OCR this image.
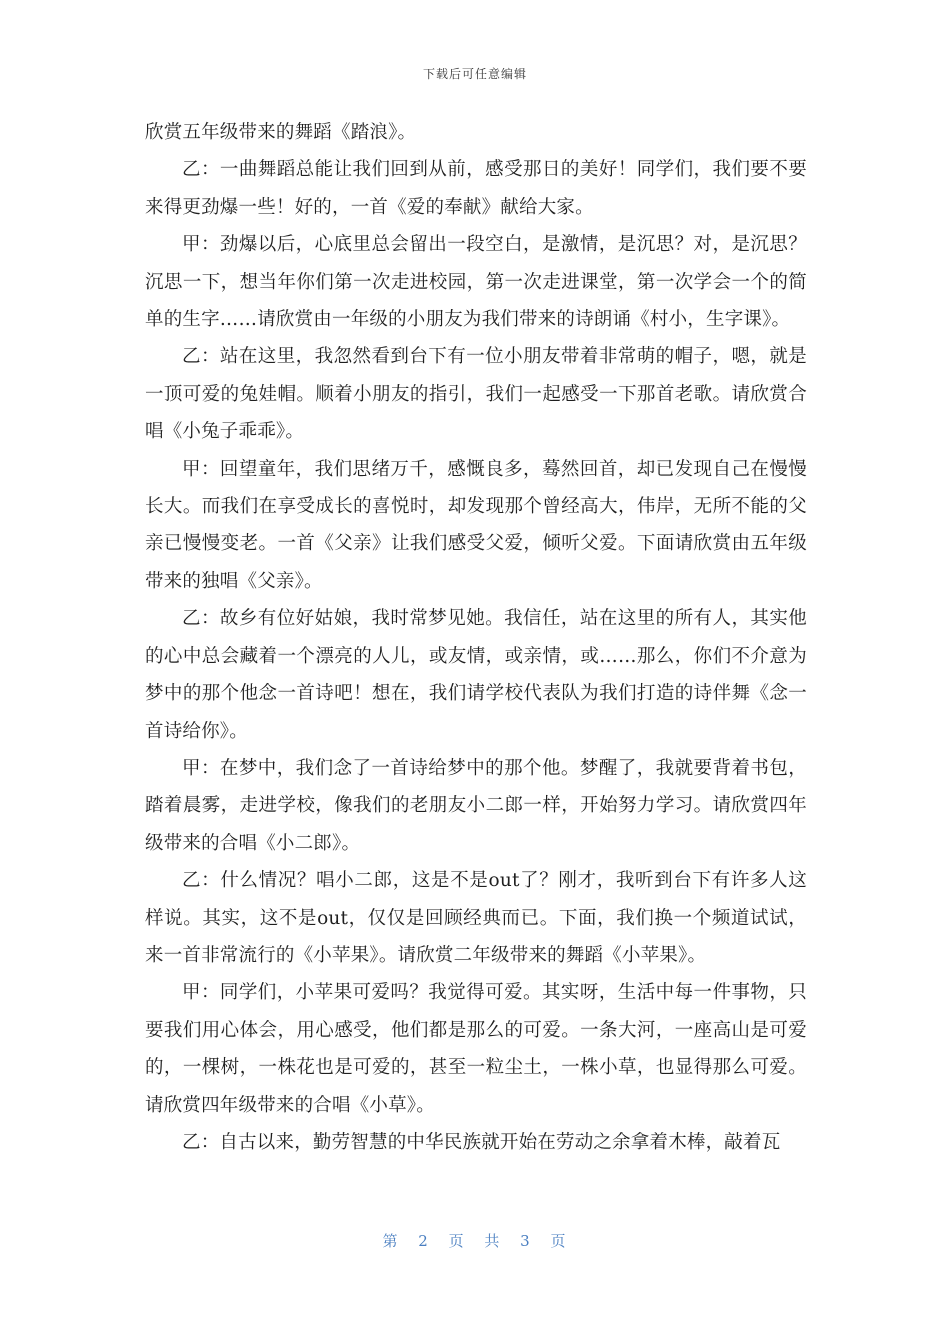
下载后可任意编辑

欣赏五年级带来的舞蹈《踏浪》。

乙：一曲舞蹈总能让我们回到从前，感受那日的美好！同学们，我们要不要来得更劲爆一些！好的，一首《爱的奉献》献给大家。

甲：劲爆以后，心底里总会留出一段空白，是激情，是沉思？对，是沉思？沉思一下，想当年你们第一次走进校园，第一次走进课堂，第一次学会一个的简单的生字……请欣赏由一年级的小朋友为我们带来的诗朗诵《村小，生字课》。

乙：站在这里，我忽然看到台下有一位小朋友带着非常萌的帽子，嗯，就是一顶可爱的兔娃帽。顺着小朋友的指引，我们一起感受一下那首老歌。请欣赏合唱《小兔子乖乖》。

甲：回望童年，我们思绪万千，感慨良多，蓦然回首，却已发现自己在慢慢长大。而我们在享受成长的喜悦时，却发现那个曾经高大，伟岸，无所不能的父亲已慢慢变老。一首《父亲》让我们感受父爱，倾听父爱。下面请欣赏由五年级带来的独唱《父亲》。

乙：故乡有位好姑娘，我时常梦见她。我信任，站在这里的所有人，其实他的心中总会藏着一个漂亮的人儿，或友情，或亲情，或……那么，你们不介意为梦中的那个他念一首诗吧！想在，我们请学校代表队为我们打造的诗伴舞《念一首诗给你》。

甲：在梦中，我们念了一首诗给梦中的那个他。梦醒了，我就要背着书包，踏着晨雾，走进学校，像我们的老朋友小二郎一样，开始努力学习。请欣赏四年级带来的合唱《小二郎》。

乙：什么情况？唱小二郎，这是不是out了？刚才，我听到台下有许多人这样说。其实，这不是out，仅仅是回顾经典而已。下面，我们换一个频道试试，来一首非常流行的《小苹果》。请欣赏二年级带来的舞蹈《小苹果》。

甲：同学们，小苹果可爱吗？我觉得可爱。其实呀，生活中每一件事物，只要我们用心体会，用心感受，他们都是那么的可爱。一条大河，一座高山是可爱的，一棵树，一株花也是可爱的，甚至一粒尘土，一株小草，也显得那么可爱。请欣赏四年级带来的合唱《小草》。

乙：自古以来，勤劳智慧的中华民族就开始在劳动之余拿着木棒，敲着瓦

第 2 页 共 3 页
